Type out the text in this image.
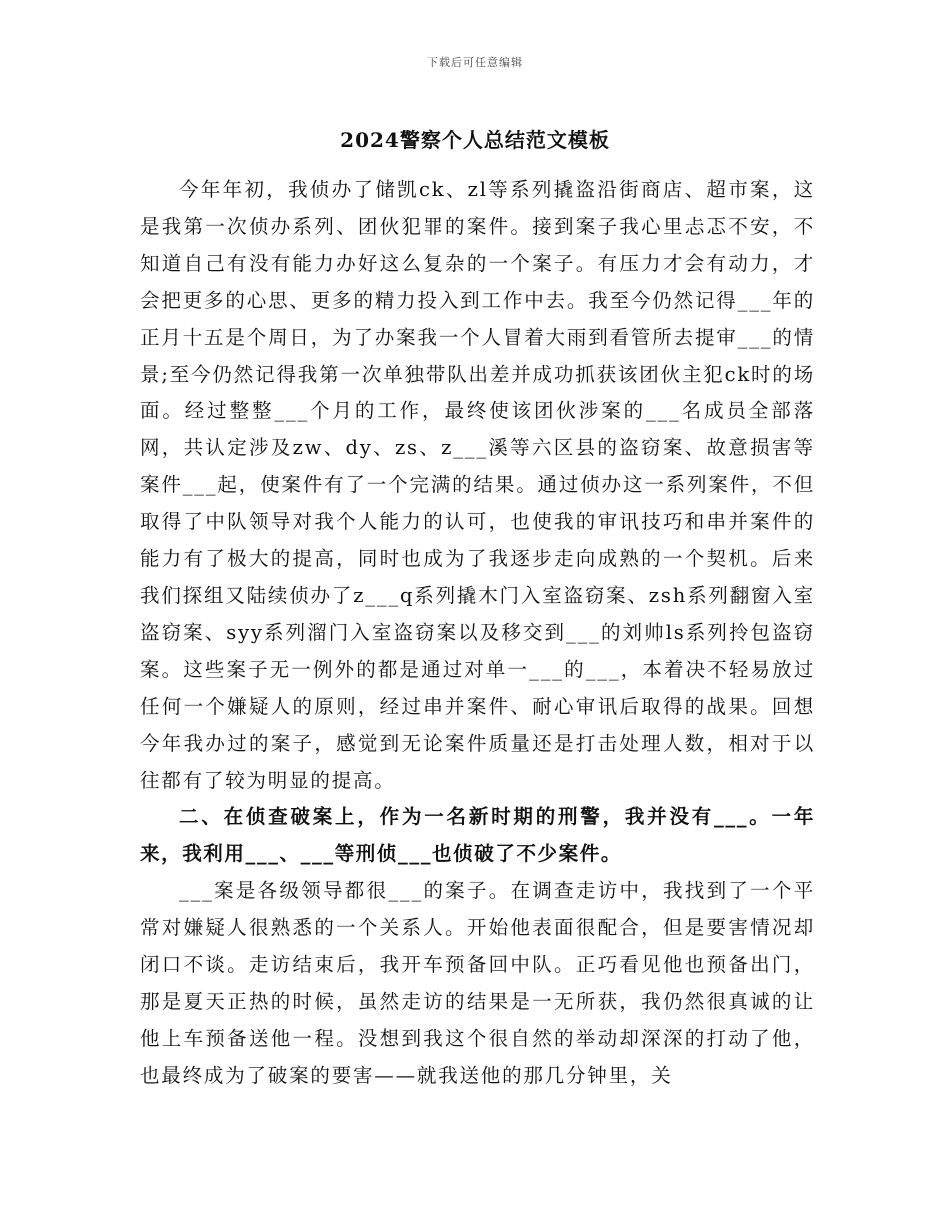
下载后可任意编辑
2024警察个人总结范文模板

今年年初，我侦办了储凯ck、zl等系列撬盗沿街商店、超市案，这是我第一次侦办系列、团伙犯罪的案件。接到案子我心里忐忑不安，不知道自己有没有能力办好这么复杂的一个案子。有压力才会有动力，才会把更多的心思、更多的精力投入到工作中去。我至今仍然记得___年的正月十五是个周日，为了办案我一个人冒着大雨到看管所去提审___的情景;至今仍然记得我第一次单独带队出差并成功抓获该团伙主犯ck时的场面。经过整整___个月的工作，最终使该团伙涉案的___名成员全部落网，共认定涉及zw、dy、zs、z___溪等六区县的盗窃案、故意损害等案件___起，使案件有了一个完满的结果。通过侦办这一系列案件，不但取得了中队领导对我个人能力的认可，也使我的审讯技巧和串并案件的能力有了极大的提高，同时也成为了我逐步走向成熟的一个契机。后来我们探组又陆续侦办了z___q系列撬木门入室盗窃案、zsh系列翻窗入室盗窃案、syy系列溜门入室盗窃案以及移交到___的刘帅ls系列拎包盗窃案。这些案子无一例外的都是通过对单一___的___，本着决不轻易放过任何一个嫌疑人的原则，经过串并案件、耐心审讯后取得的战果。回想今年我办过的案子，感觉到无论案件质量还是打击处理人数，相对于以往都有了较为明显的提高。

二、在侦查破案上，作为一名新时期的刑警，我并没有___。一年来，我利用___、___等刑侦___也侦破了不少案件。

___案是各级领导都很___的案子。在调查走访中，我找到了一个平常对嫌疑人很熟悉的一个关系人。开始他表面很配合，但是要害情况却闭口不谈。走访结束后，我开车预备回中队。正巧看见他也预备出门，那是夏天正热的时候，虽然走访的结果是一无所获，我仍然很真诚的让他上车预备送他一程。没想到我这个很自然的举动却深深的打动了他，也最终成为了破案的要害——就我送他的那几分钟里，关
